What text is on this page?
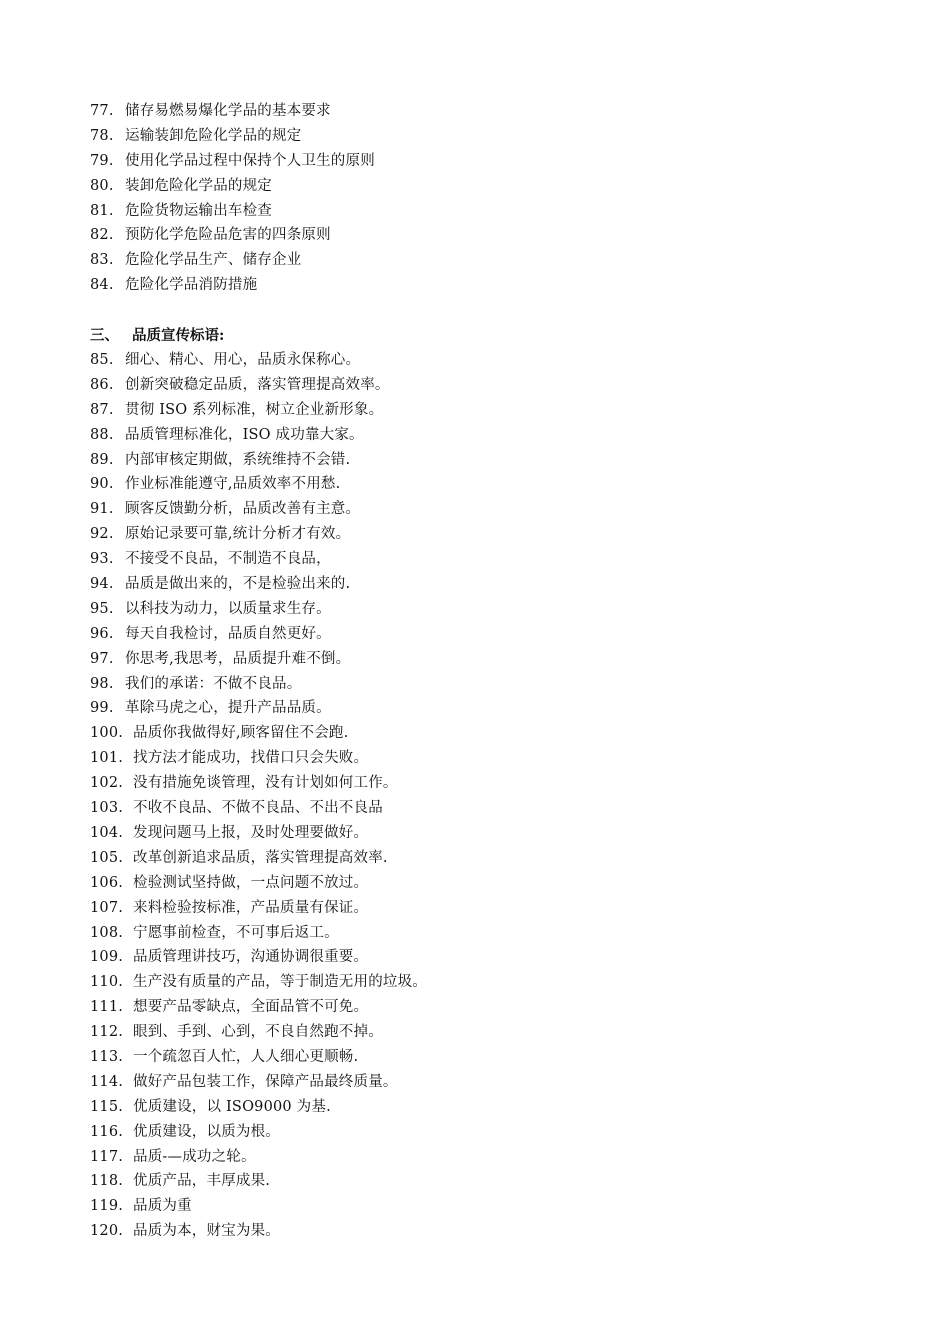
77. 储存易燃易爆化学品的基本要求
78. 运输装卸危险化学品的规定
79. 使用化学品过程中保持个人卫生的原则
80. 装卸危险化学品的规定
81. 危险货物运输出车检查
82. 预防化学危险品危害的四条原则
83. 危险化学品生产、储存企业
84. 危险化学品消防措施
三、 品质宣传标语:
85. 细心、精心、用心，品质永保称心。
86. 创新突破稳定品质，落实管理提高效率。
87. 贯彻 ISO 系列标准，树立企业新形象。
88. 品质管理标准化，ISO 成功靠大家。
89. 内部审核定期做，系统维持不会错.
90. 作业标准能遵守,品质效率不用愁.
91. 顾客反馈勤分析，品质改善有主意。
92. 原始记录要可靠,统计分析才有效。
93. 不接受不良品，不制造不良品，
94. 品质是做出来的，不是检验出来的.
95. 以科技为动力，以质量求生存。
96. 每天自我检讨，品质自然更好。
97. 你思考,我思考，品质提升难不倒。
98. 我们的承诺：不做不良品。
99. 革除马虎之心，提升产品品质。
100. 品质你我做得好,顾客留住不会跑.
101. 找方法才能成功，找借口只会失败。
102. 没有措施免谈管理，没有计划如何工作。
103. 不收不良品、不做不良品、不出不良品
104. 发现问题马上报，及时处理要做好。
105. 改革创新追求品质，落实管理提高效率.
106. 检验测试坚持做，一点问题不放过。
107. 来料检验按标准，产品质量有保证。
108. 宁愿事前检查，不可事后返工。
109. 品质管理讲技巧，沟通协调很重要。
110. 生产没有质量的产品，等于制造无用的垃圾。
111. 想要产品零缺点，全面品管不可免。
112. 眼到、手到、心到，不良自然跑不掉。
113. 一个疏忽百人忙，人人细心更顺畅.
114. 做好产品包装工作，保障产品最终质量。
115. 优质建设，以 ISO9000 为基.
116. 优质建设，以质为根。
117. 品质-—成功之轮。
118. 优质产品，丰厚成果.
119. 品质为重
120. 品质为本，财宝为果。
